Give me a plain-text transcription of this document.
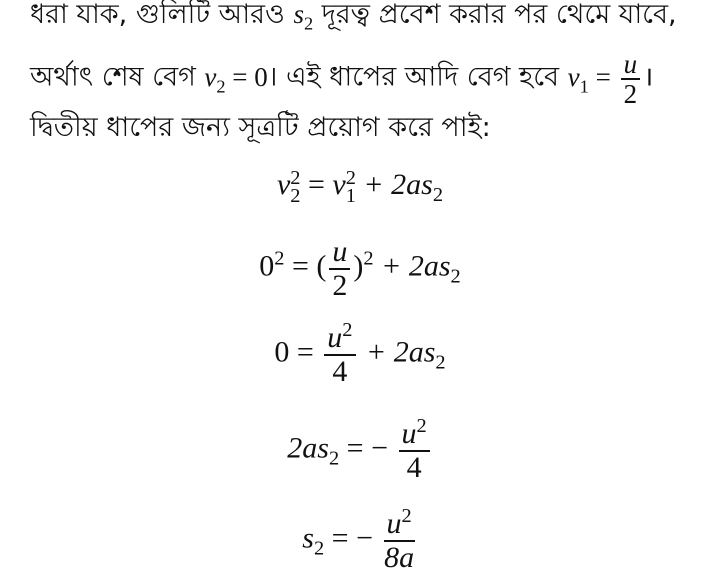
ধরা যাক, গুলিটি আরও $s_2$ দূরত্ব প্রবেশ করার পর থেমে যাবে,
অর্থাৎ শেষ বেগ $v_2$ = 0। এই ধাপের আদি বেগ হবে $v_1 = \frac{u}{2}$ ।
দ্বিতীয় ধাপের জন্য সূত্রটি প্রয়োগ করে পাই:
v 2
2 = v 2
$1 + 2as_2$
$0^2$ = ( $\frac{u}{2} )^2 + 2as_2$
$0 = \frac{u^2}{4} + 2as_2$
$2as_2$ = − $\frac{u^2}{4}$
$s_2$ = − $\frac{u^2}{8a}$
